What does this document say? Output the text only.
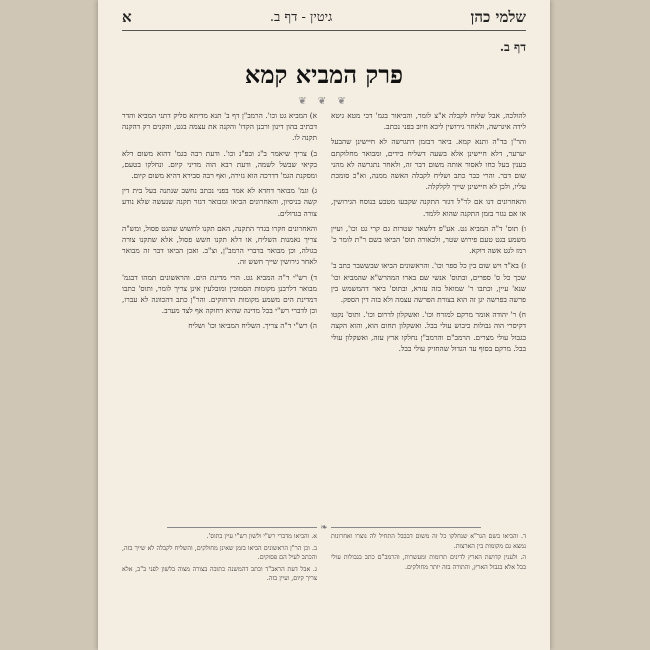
שלמי כהן
גיטין - דף ב.
א
דף ב.
פרק המביא קמא
❦ ❦ ❦

א) המביא גט וכו'. הרמב"ן דף ב' תנא מדיתא סליק דתני המביא והדר דכתיב בהון דינון ורבנן הקדו' והקנה את עצמה בגט, והקנים רק דהקנה תקנה לו.

ב) צריך שיאמר ב"נ ובפ"נ וכו'. ודעת רבה בגמ' דהוא משום דלא בקיאי שבשל לשמה, ודעת רבא הוה מדיני קיום. ונחלקו בטעם, ומסקנת הגמ' דדרכה הוא גזירה, ואף רבה סבירא דהיא משום קיום.

ג) וגמ' מבואר דחדא לא אמר בפני נכתב נחשב שנתנה בעל בית דין קשה בניסיון, והאחרונים הביאו ומבואר דגזר תקנה שנעשה שלא נודע צורה בגדולים.

והאחרונים חקרו בגדר התקנה, האם תקנו לחשוש שהגט פסול, ומש"ה צריך נאמנות השליח, או דלא תקנו חשש פסול, אלא שתקנו צורה בגולה, וכן מבואר בדברי הרמב"ן, וצ"ב. ואכן הביאו דבר זה מבואר לאחר גירושין שייך חשש זה.

ד) רש"י ד"ה המביא גט. הרי מדינת הים. והראשונים תמהו דבגמ' מבואר דלרבנן מקומות הסמוכין ומובלעין אינן צריך לומר, ותוס' כתבו דמדינת הים משמע מקומות הרחוקים. והר"ן כתב דהכוונה לא עברו, וכן לדברי רש"י בכל מדינה שהיא רחוקה אף לצד מערב.

ה) רש"י ד"ה צריך. השליח המביאו וכו' ושליח

להולכה, אבל שליח לקבלה א"צ לומר, והביאור בגמ' דכי מטא גיטא לידה איגרשה, ולאחר גירושין ליכא חיוב בפני נכתב.

והר"ן בד"ה ותנא קמא. ביאר דבזמן דתגרשה לא חיישינן שהבעל יערער, דלא חיישינן אלא בשעה דשליח בידים, ומבואר מחלוקתם בענין בעל כחו לאסור אותה משום דבר זה, ולאחר נתגרשה לא מהני שום דבר. והרי כבר כתב ושליח לקבלה האשה ממנה, וא"כ סומכת עליו, ולכן לא חיישינן שייך לקלקלה.

והאחרונים דנו אם לר"ל דגזר התקנה שקבעו מטבע בנוסח הגירושין, או אם נגזר בזמן התקנה שהוא ללמד.

ו) תוס' ד"ה המביא גט. אע"פ דלשאר שטרות גם קרי גט וכו', ועיין משמע בגט טעם פירוש שטר, ולכאורה תוס' הביאו בשם ר"ת לומר כ' רמז לגט אשה דוקא.

ז) בא"ד ויש שום בין כל ספר וכו'. והראשונים הביאו שבששבר כתב ב' שכך כל ס' ספרים, ובתוס' אנשי שם בארו המהרש"א שהמביא וכו' שנא' עיין, וכתבו ר' שמואל בזה עזרא, ובתוס' ביאר דהמשמש בין פרשה בפרשה יגן זה הוא בצורת הפרשה עצמה ולא בזה דין הספק.

ח) ר' יהודה אומר מרקם למזרח וכו'. ואשקלון לדרום וכו'. ותוס' נקטו דקיסרי הוה גבולות כיבוש עולי בבל. ואשקלון תחום הוא, והוא הקצה בגבול עולי מצרים. הרמב"ם והרמב"ן נחלקו ארץ עזה, ואשקלון עולי בבל. מרקם בסוף עד הגדול שהחזיק עולי בבל.

❧

א. והביאו מדברי רש"י ולשון רש"י עיין בתוס'.

ב. וכן הר"ן הראשונים הביאו בזמן שאינן מחולקים, והשליח לקבלה לא שייך בזה, והכתב לעיל הם פסוקים.

ג. אבל דעת הראב"ד וכתב דהמשנה כתובה בצורה מצוה בלשון לפני ב"ב, אלא צריך קיום, ועיין בזה.

ד. והביאו בשם הגר"א שנחלקו כל זה משום דבבבל התחיל לה נוצרו ואחרונות נמצא גם מקומות בין הארצות.

ה. ולענין קדושת הארץ לדינים תרומות ומעשרות, והרמב"ם כתב בגבולות עולי בבל אלא בגבול הארץ, והתורה בזה יותר מחולקים.
